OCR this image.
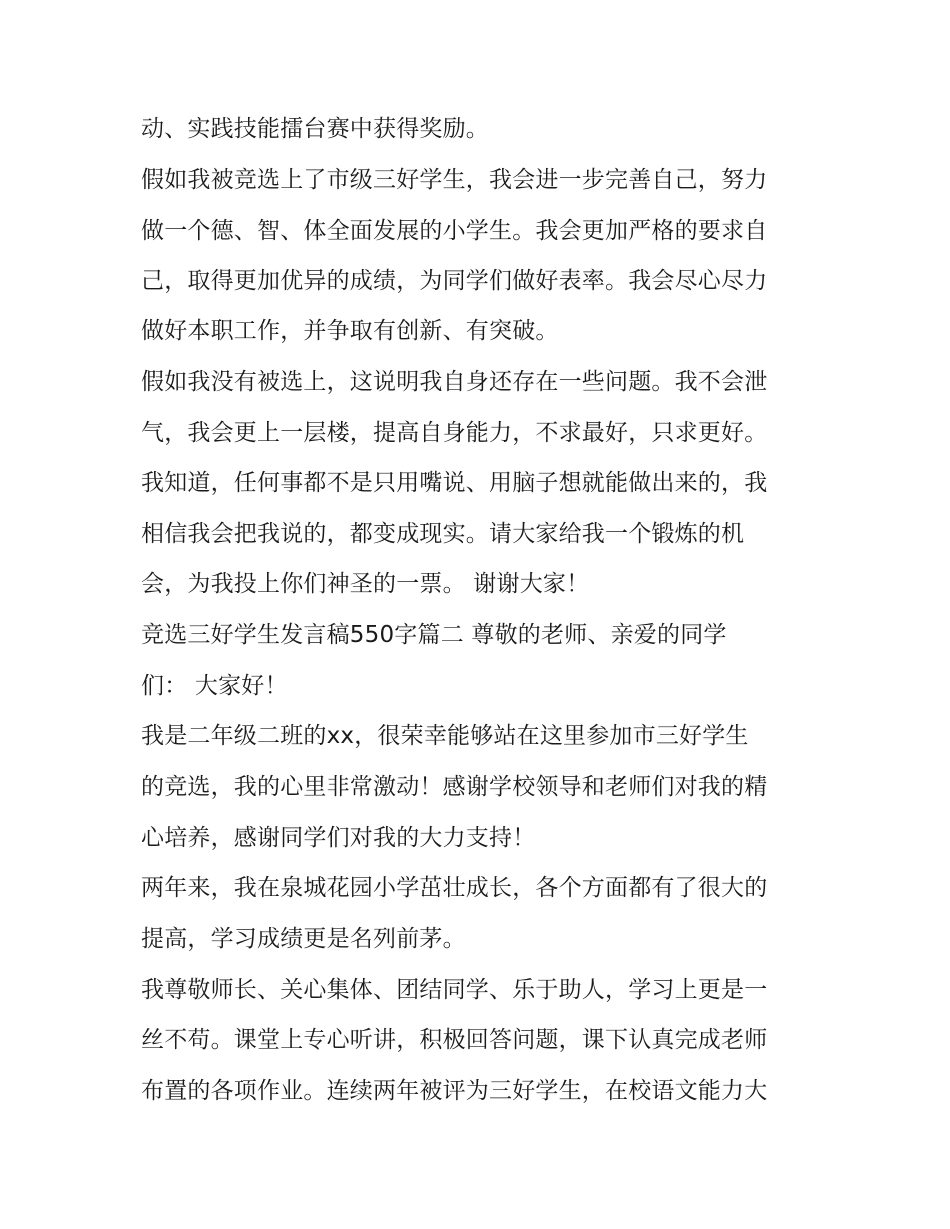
动、实践技能擂台赛中获得奖励。

假如我被竞选上了市级三好学生，我会进一步完善自己，努力

做一个德、智、体全面发展的小学生。我会更加严格的要求自

己，取得更加优异的成绩，为同学们做好表率。我会尽心尽力

做好本职工作，并争取有创新、有突破。

假如我没有被选上，这说明我自身还存在一些问题。我不会泄

气，我会更上一层楼，提高自身能力，不求最好，只求更好。

我知道，任何事都不是只用嘴说、用脑子想就能做出来的，我

相信我会把我说的，都变成现实。请大家给我一个锻炼的机

会，为我投上你们神圣的一票。 谢谢大家！

竞选三好学生发言稿550字篇二 尊敬的老师、亲爱的同学

们： 大家好！

我是二年级二班的xx，很荣幸能够站在这里参加市三好学生

的竞选，我的心里非常激动！感谢学校领导和老师们对我的精

心培养，感谢同学们对我的大力支持！

两年来，我在泉城花园小学茁壮成长，各个方面都有了很大的

提高，学习成绩更是名列前茅。

我尊敬师长、关心集体、团结同学、乐于助人，学习上更是一

丝不苟。课堂上专心听讲，积极回答问题，课下认真完成老师

布置的各项作业。连续两年被评为三好学生，在校语文能力大
